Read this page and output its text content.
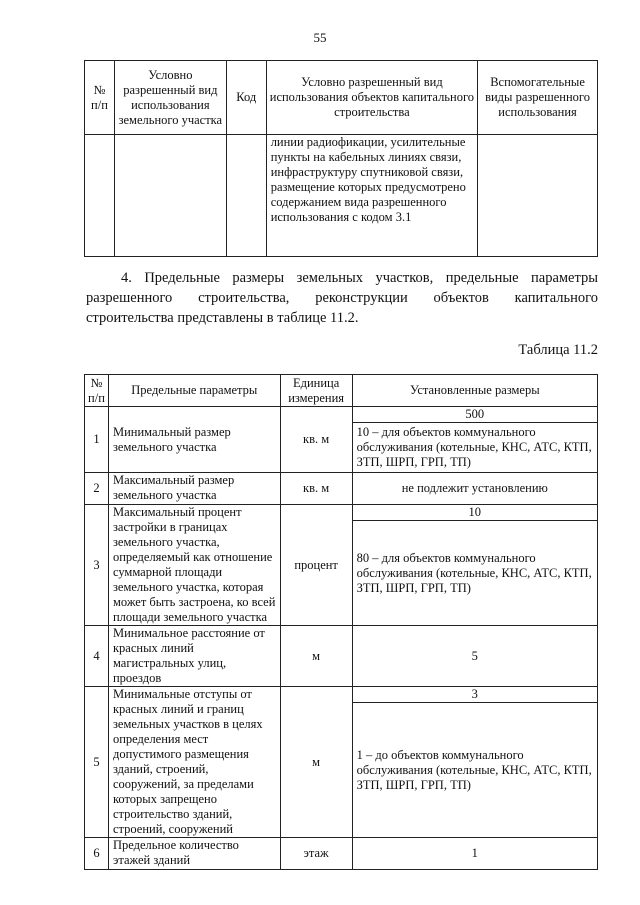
55
№ п/п	Условно разрешенный вид использования земельного участка	Код	Условно разрешенный вид использования объектов капитального строительства	Вспомогательные виды разрешенного использования
			линии радиофикации, усилительные пункты на кабельных линиях связи, инфраструктуру спутниковой связи, размещение которых предусмотрено содержанием вида разрешенного использования с кодом 3.1	
4. Предельные размеры земельных участков, предельные параметры разрешенного строительства, реконструкции объектов капитального строительства представлены в таблице 11.2.
Таблица 11.2
№ п/п	Предельные параметры	Единица измерения	Установленные размеры
1	Минимальный размер земельного участка	кв. м	500
			10 – для объектов коммунального обслуживания (котельные, КНС, АТС, КТП, ЗТП, ШРП, ГРП, ТП)
2	Максимальный размер земельного участка	кв. м	не подлежит установлению
3	Максимальный процент застройки в границах земельного участка, определяемый как отношение суммарной площади земельного участка, которая может быть застроена, ко всей площади земельного участка	процент	10
			80 – для объектов коммунального обслуживания (котельные, КНС, АТС, КТП, ЗТП, ШРП, ГРП, ТП)
4	Минимальное расстояние от красных линий магистральных улиц, проездов	м	5
5	Минимальные отступы от красных линий и границ земельных участков в целях определения мест допустимого размещения зданий, строений, сооружений, за пределами которых запрещено строительство зданий, строений, сооружений	м	3
			1 – до объектов коммунального обслуживания (котельные, КНС, АТС, КТП, ЗТП, ШРП, ГРП, ТП)
6	Предельное количество этажей зданий	этаж	1
